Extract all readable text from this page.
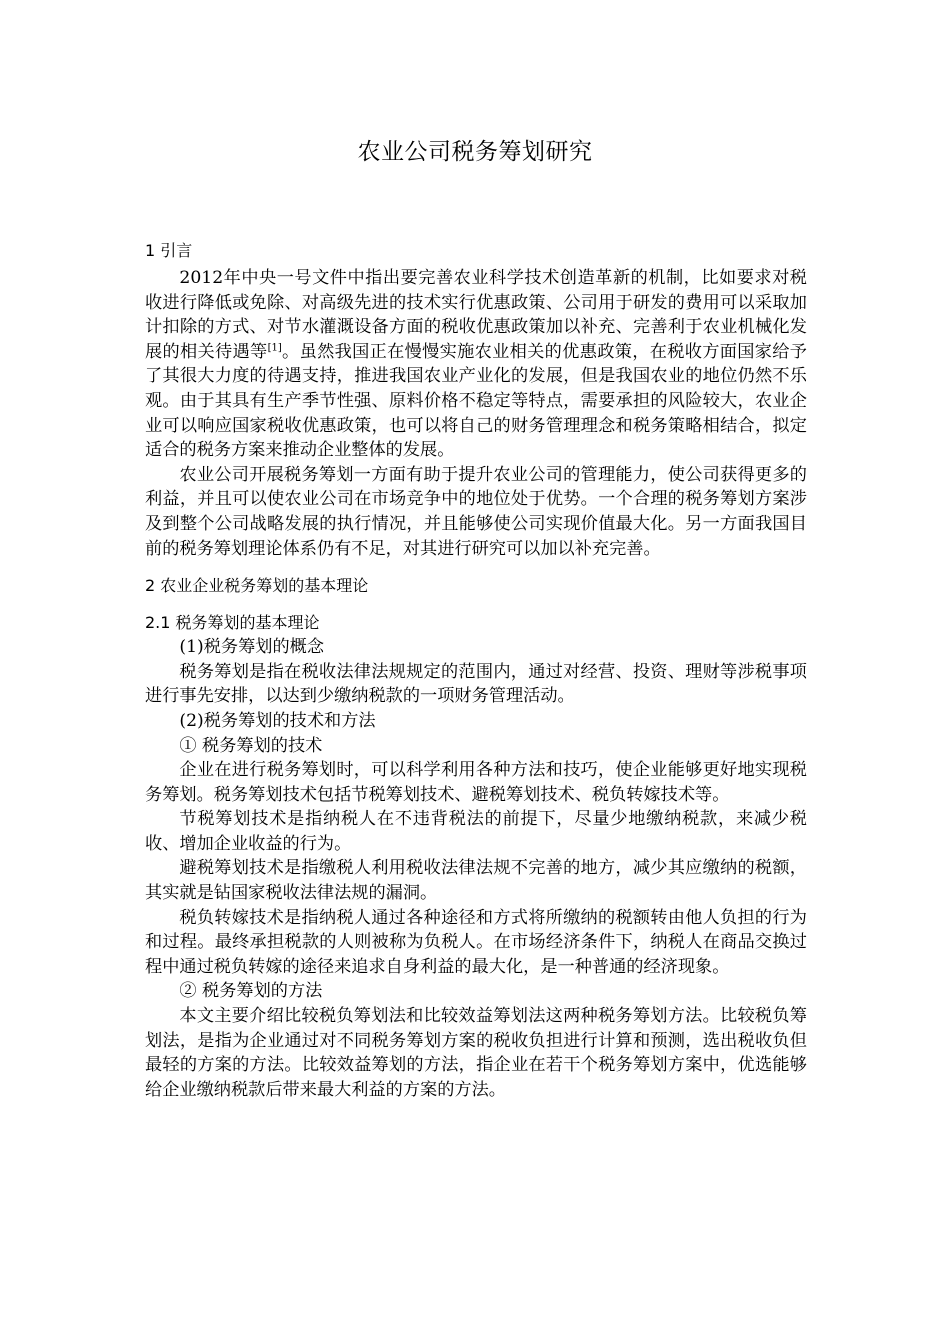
农业公司税务筹划研究
1 引言

2012年中央一号文件中指出要完善农业科学技术创造革新的机制，比如要求对税收进行降低或免除、对高级先进的技术实行优惠政策、公司用于研发的费用可以采取加计扣除的方式、对节水灌溉设备方面的税收优惠政策加以补充、完善利于农业机械化发展的相关待遇等[1]。虽然我国正在慢慢实施农业相关的优惠政策，在税收方面国家给予了其很大力度的待遇支持，推进我国农业产业化的发展，但是我国农业的地位仍然不乐观。由于其具有生产季节性强、原料价格不稳定等特点，需要承担的风险较大，农业企业可以响应国家税收优惠政策，也可以将自己的财务管理理念和税务策略相结合，拟定适合的税务方案来推动企业整体的发展。

农业公司开展税务筹划一方面有助于提升农业公司的管理能力，使公司获得更多的利益，并且可以使农业公司在市场竞争中的地位处于优势。一个合理的税务筹划方案涉及到整个公司战略发展的执行情况，并且能够使公司实现价值最大化。另一方面我国目前的税务筹划理论体系仍有不足，对其进行研究可以加以补充完善。

2 农业企业税务筹划的基本理论
2.1 税务筹划的基本理论

(1)税务筹划的概念

税务筹划是指在税收法律法规规定的范围内，通过对经营、投资、理财等涉税事项进行事先安排，以达到少缴纳税款的一项财务管理活动。

(2)税务筹划的技术和方法

① 税务筹划的技术

企业在进行税务筹划时，可以科学利用各种方法和技巧，使企业能够更好地实现税务筹划。税务筹划技术包括节税筹划技术、避税筹划技术、税负转嫁技术等。

节税筹划技术是指纳税人在不违背税法的前提下，尽量少地缴纳税款，来减少税收、增加企业收益的行为。

避税筹划技术是指缴税人利用税收法律法规不完善的地方，减少其应缴纳的税额，其实就是钻国家税收法律法规的漏洞。

税负转嫁技术是指纳税人通过各种途径和方式将所缴纳的税额转由他人负担的行为和过程。最终承担税款的人则被称为负税人。在市场经济条件下，纳税人在商品交换过程中通过税负转嫁的途径来追求自身利益的最大化，是一种普通的经济现象。

② 税务筹划的方法

本文主要介绍比较税负筹划法和比较效益筹划法这两种税务筹划方法。比较税负筹划法，是指为企业通过对不同税务筹划方案的税收负担进行计算和预测，选出税收负但最轻的方案的方法。比较效益筹划的方法，指企业在若干个税务筹划方案中，优选能够给企业缴纳税款后带来最大利益的方案的方法。
